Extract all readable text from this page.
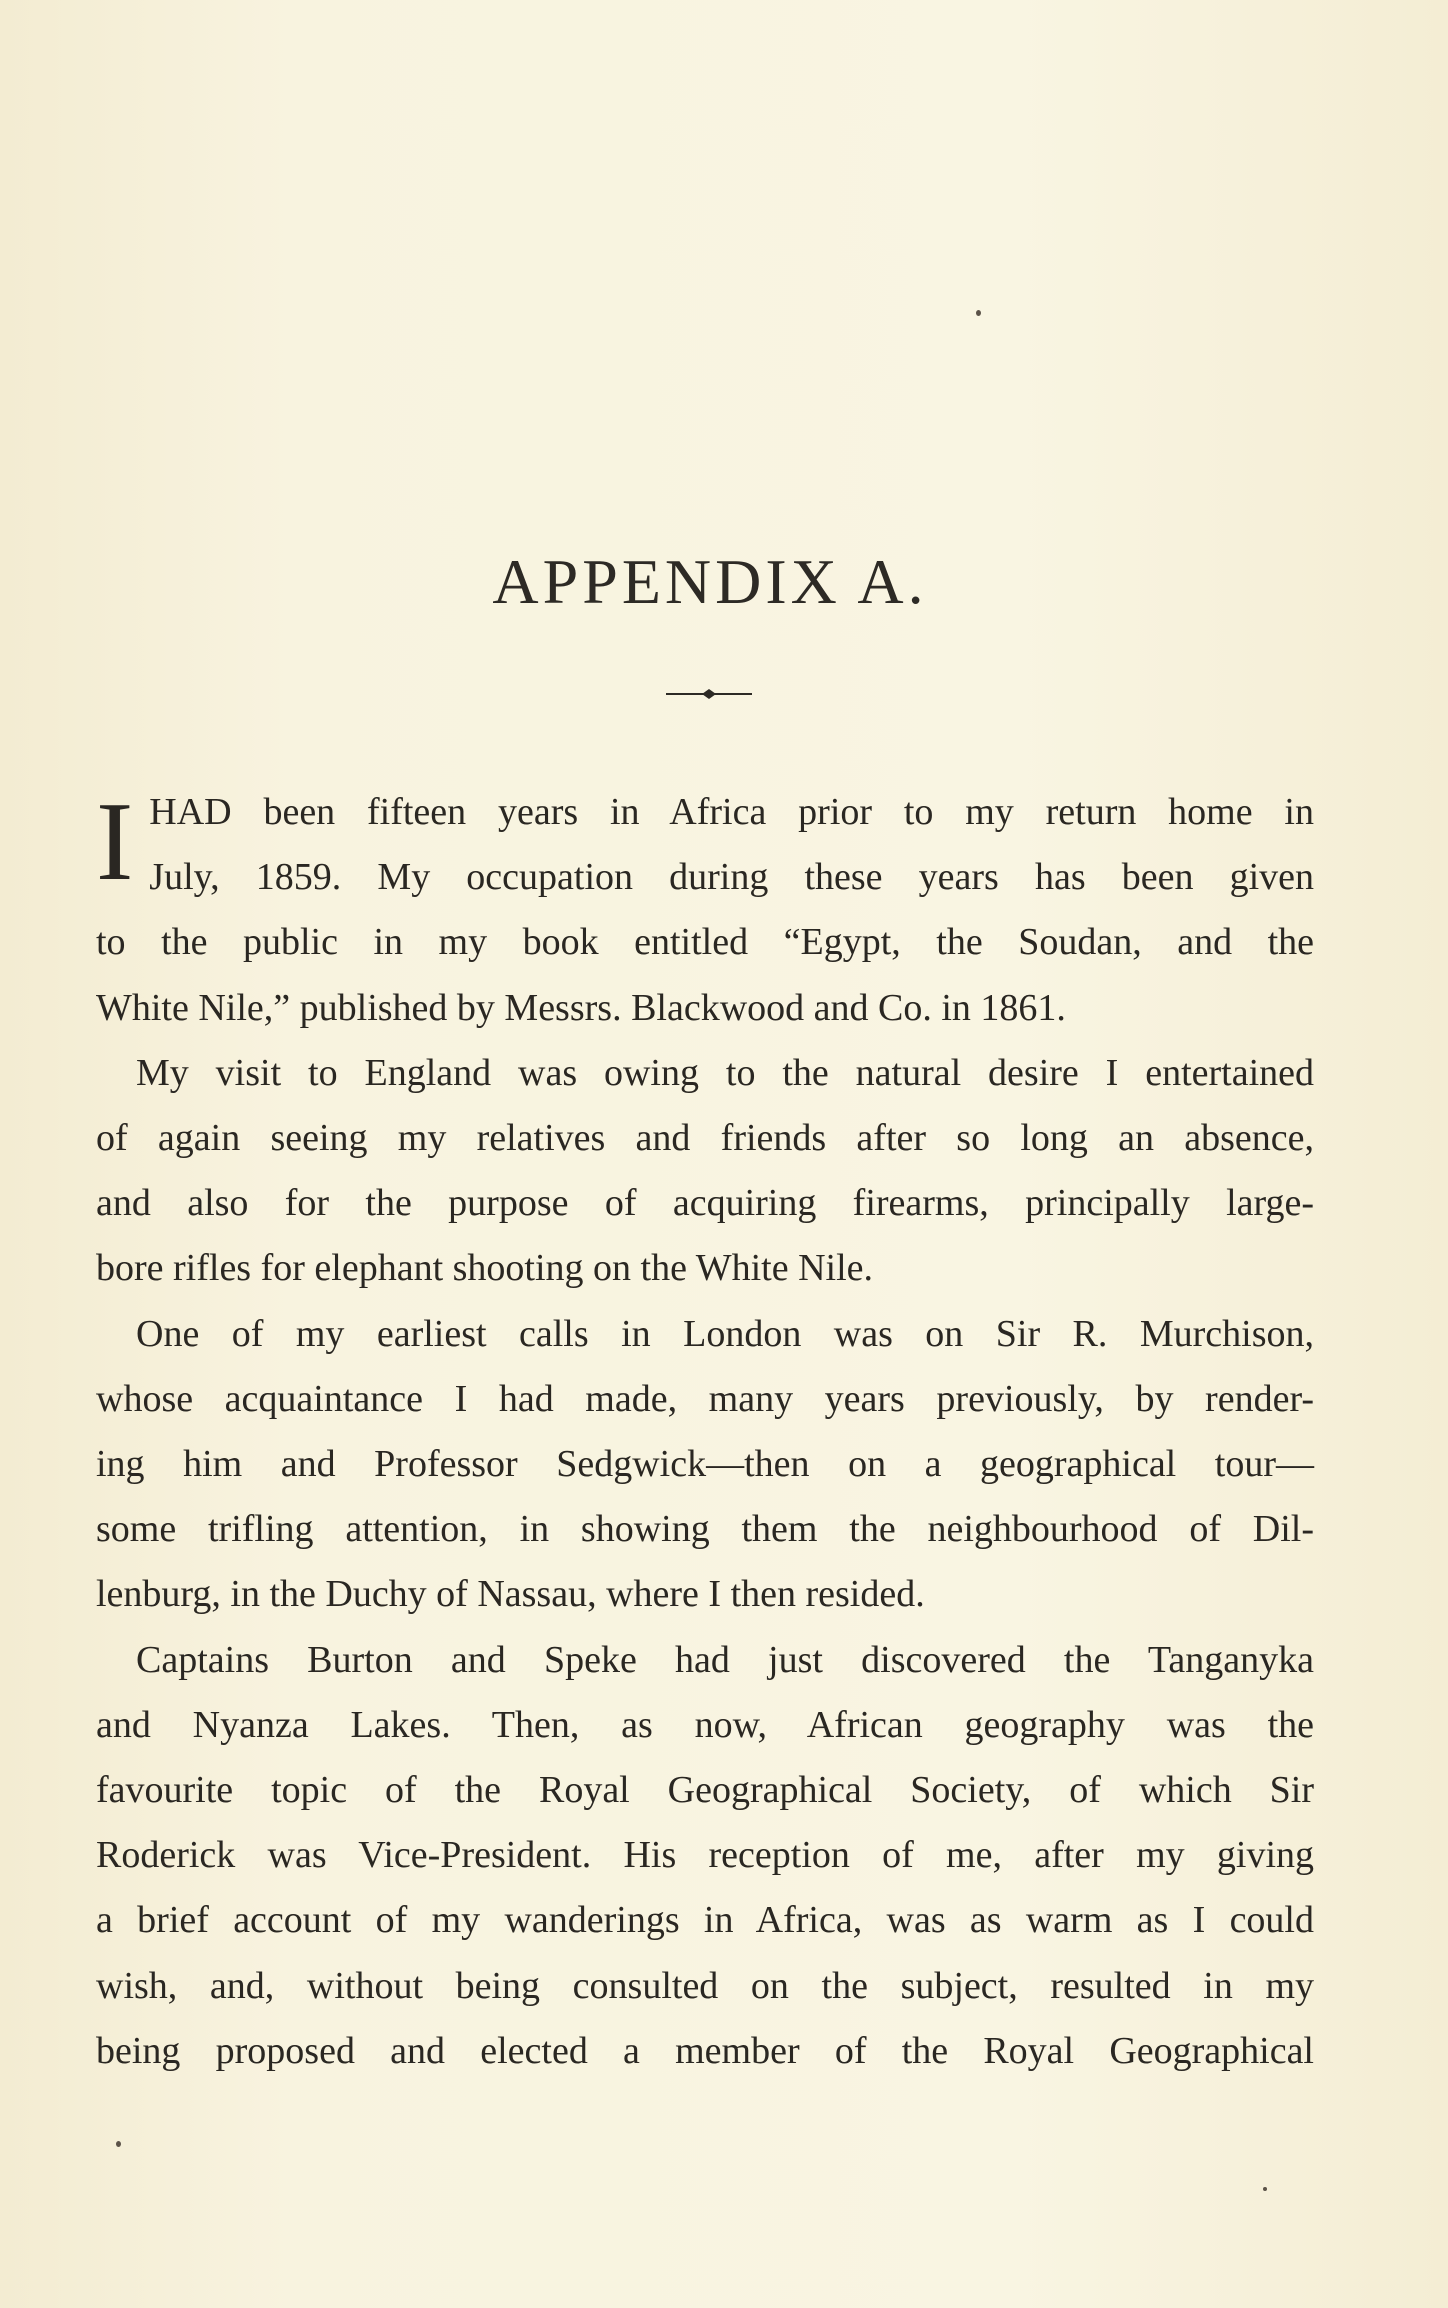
APPENDIX A.
I HAD been fifteen years in Africa prior to my return home in
July, 1859. My occupation during these years has been given
to the public in my book entitled “Egypt, the Soudan, and the
White Nile,” published by Messrs. Blackwood and Co. in 1861.
My visit to England was owing to the natural desire I entertained
of again seeing my relatives and friends after so long an absence,
and also for the purpose of acquiring firearms, principally large-
bore rifles for elephant shooting on the White Nile.
One of my earliest calls in London was on Sir R. Murchison,
whose acquaintance I had made, many years previously, by render-
ing him and Professor Sedgwick—then on a geographical tour—
some trifling attention, in showing them the neighbourhood of Dil-
lenburg, in the Duchy of Nassau, where I then resided.
Captains Burton and Speke had just discovered the Tanganyka
and Nyanza Lakes. Then, as now, African geography was the
favourite topic of the Royal Geographical Society, of which Sir
Roderick was Vice-President. His reception of me, after my giving
a brief account of my wanderings in Africa, was as warm as I could
wish, and, without being consulted on the subject, resulted in my
being proposed and elected a member of the Royal Geographical
